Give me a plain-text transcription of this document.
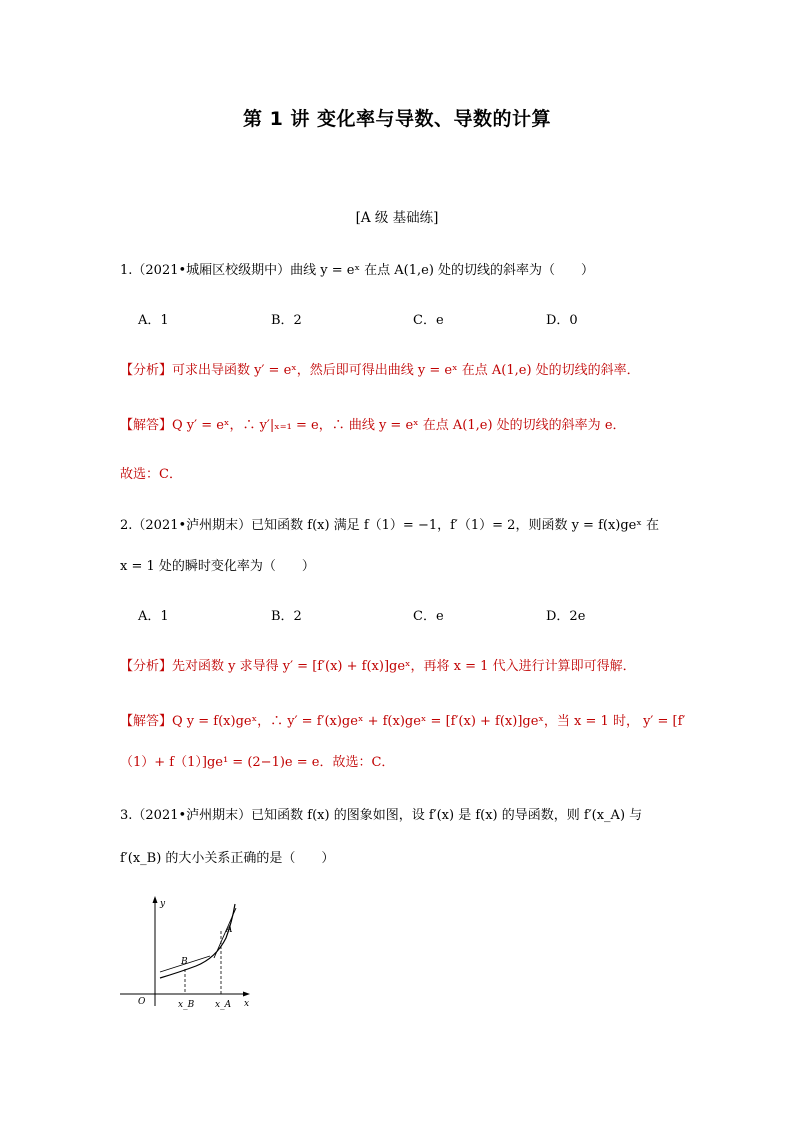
第 1 讲 变化率与导数、导数的计算
[A 级 基础练]
1.（2021•城厢区校级期中）曲线 y = eˣ 在点 A(1,e) 处的切线的斜率为（　　）
A．1	B．2	C．e	D．0
【分析】可求出导函数 y′ = eˣ，然后即可得出曲线 y = eˣ 在点 A(1,e) 处的切线的斜率．
【解答】Q y′ = eˣ，∴ y′|ₓ₌₁ = e，∴ 曲线 y = eˣ 在点 A(1,e) 处的切线的斜率为 e．
故选：C．
2.（2021•泸州期末）已知函数 f(x) 满足 f（1）= −1，f′（1）= 2，则函数 y = f(x)geˣ 在
x = 1 处的瞬时变化率为（　　）
A．1	B．2	C．e	D．2e
【分析】先对函数 y 求导得 y′ = [f′(x) + f(x)]geˣ，再将 x = 1 代入进行计算即可得解．
【解答】Q y = f(x)geˣ，∴ y′ = f′(x)geˣ + f(x)geˣ = [f′(x) + f(x)]geˣ，当 x = 1 时， y′ = [f′
（1）+ f（1）]ge¹ = (2−1)e = e．故选：C．
3.（2021•泸州期末）已知函数 f(x) 的图象如图，设 f′(x) 是 f(x) 的导函数，则 f′(x_A) 与
f′(x_B) 的大小关系正确的是（　　）
y
x
O
A
B
x_B x_A
